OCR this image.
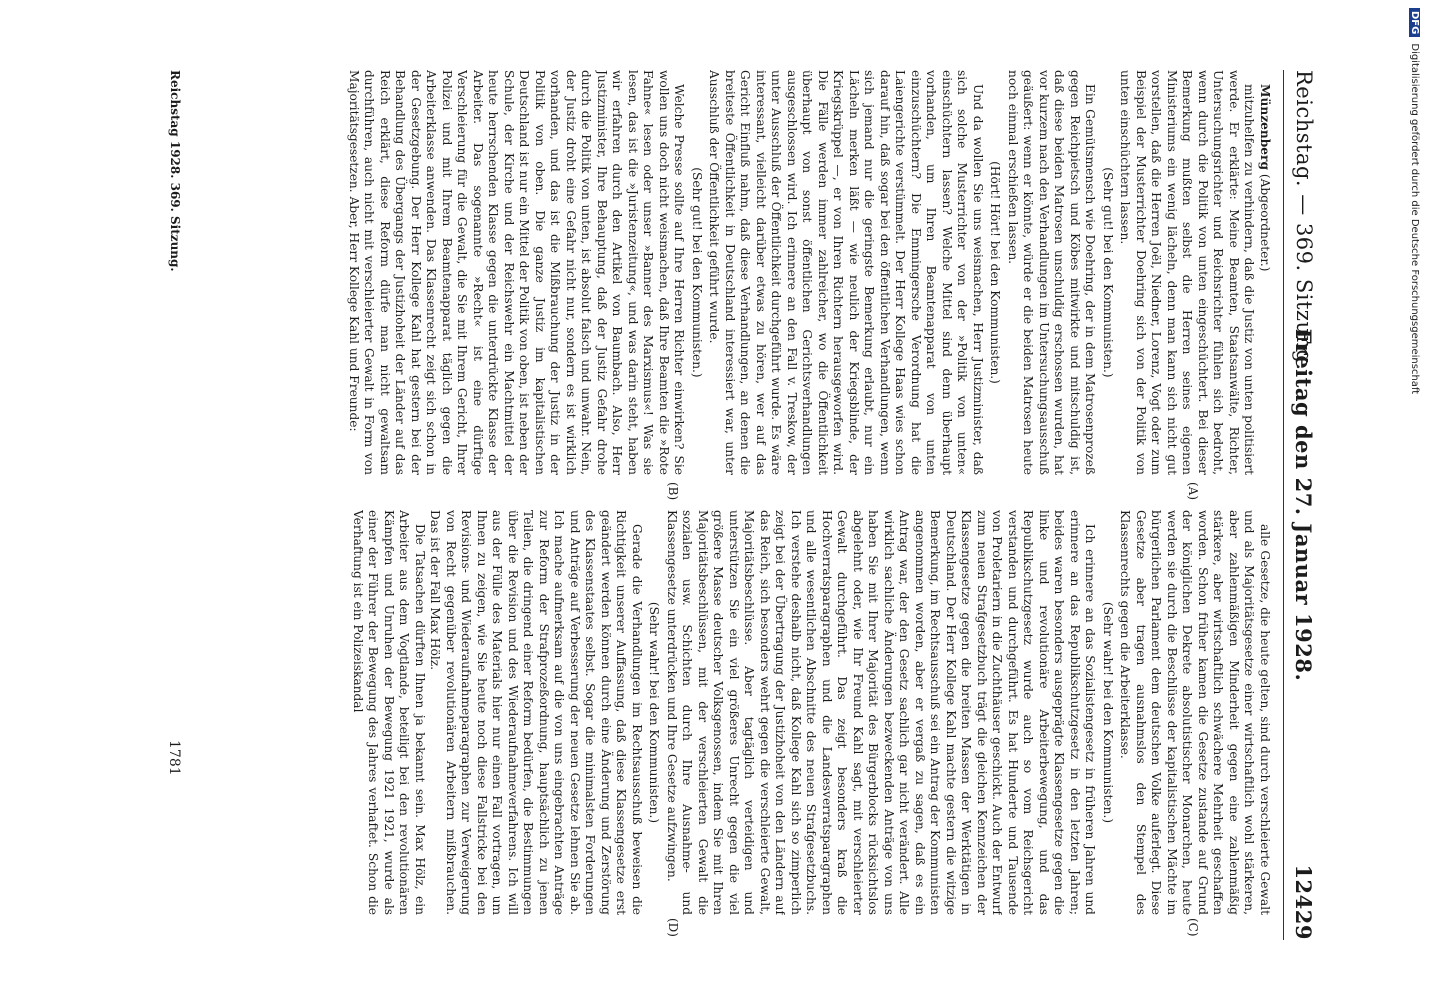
Reichstag. — 369. Sitzung.
Freitag den 27. Januar 1928.
12429

Münzenberg (Abgeordneter.)

mitzuhelfen zu verhindern, daß die Justiz von unten politisiert werde. Er erklärte: Meine Beamten, Staatsanwälte, Richter, Untersuchungsrichter und Reichsrichter fühlen sich bedroht, wenn durch die Politik von unten eingeschüchtert. Bei dieser Bemerkung mußten selbst die Herren seines eigenen Ministeriums ein wenig lächeln, denn man kann sich nicht gut vorstellen, daß die Herren Joël, Niedner, Lorenz, Vogt oder zum Beispiel der Musterrichter Doehring sich von der Politik von unten einschüchtern lassen.

(Sehr gut! bei den Kommunisten.)

Ein Gemütsmensch wie Doehring, der in dem Matrosenprozeß gegen Reichpietsch und Köbes mitwirkte und mitschuldig ist, daß diese beiden Matrosen unschuldig erschossen wurden, hat vor kurzem nach den Verhandlungen im Untersuchungsausschuß geäußert: wenn er könnte, würde er die beiden Matrosen heute noch einmal erschießen lassen.

(Hört! Hört! bei den Kommunisten.)

Und da wollen Sie uns weismachen, Herr Justizminister, daß sich solche Musterrichter von der »Politik von unten« einschüchtern lassen? Welche Mittel sind denn überhaupt vorhanden, um Ihren Beamtenapparat von unten einzuschüchtern? Die Emmingersche Verordnung hat die Laiengerichte verstümmelt. Der Herr Kollege Haas wies schon darauf hin, daß sogar bei den öffentlichen Verhandlungen, wenn sich jemand nur die geringste Bemerkung erlaubt, nur ein Lächeln merken läßt — wie neulich der Kriegsblinde, der Kriegskrüppel —, er von Ihren Richtern herausgeworfen wird. Die Fälle werden immer zahlreicher, wo die Öffentlichkeit überhaupt von sonst öffentlichen Gerichtsverhandlungen ausgeschlossen wird. Ich erinnere an den Fall v. Treskow, der unter Ausschluß der Öffentlichkeit durchgeführt wurde. Es wäre interessant, vielleicht darüber etwas zu hören, wer auf das Gericht Einfluß nahm, daß diese Verhandlungen, an denen die breiteste Öffentlichkeit in Deutschland interessiert war, unter Ausschluß der Öffentlichkeit geführt wurde.

(Sehr gut! bei den Kommunisten.)

Welche Presse sollte auf Ihre Herren Richter einwirken? Sie wollen uns doch nicht weismachen, daß Ihre Beamten die »Rote Fahne« lesen oder unser »Banner des Marxismus«! Was sie lesen, das ist die »Juristenzeitung«, und was darin steht, haben wir erfahren durch den Artikel von Baumbach. Also, Herr Justizminister, Ihre Behauptung, daß der Justiz Gefahr drohe durch die Politik von unten, ist absolut falsch und unwahr. Nein, der Justiz droht eine Gefahr nicht nur, sondern es ist wirklich vorhanden, und das ist die Mißbrauchung der Justiz in der Politik von oben. Die ganze Justiz im kapitalistischen Deutschland ist nur ein Mittel der Politik von oben, ist neben der Schule, der Kirche und der Reichswehr ein Machtmittel der heute herrschenden Klasse gegen die unterdrückte Klasse der Arbeiter. Das sogenannte »Recht« ist eine dürftige Verschleierung für die Gewalt, die Sie mit Ihrem Gericht, Ihrer Polizei und mit Ihrem Beamtenapparat täglich gegen die Arbeiterklasse anwenden. Das Klassenrecht zeigt sich schon in der Gesetzgebung. Der Herr Kollege Kahl hat gestern bei der Behandlung des Übergangs der Justizhoheit der Länder auf das Reich erklärt, diese Reform dürfe man nicht gewaltsam durchführen, auch nicht mit verschleierter Gewalt in Form von Majoritätsgesetzen. Aber, Herr Kollege Kahl und Freunde:

alle Gesetze, die heute gelten, sind durch verschleierte Gewalt und als Majoritätsgesetze einer wirtschaftlich wohl stärkeren, aber zahlenmäßigen Minderheit gegen eine zahlenmäßig stärkere, aber wirtschaftlich schwächere Mehrheit geschaffen worden. Schon früher kamen die Gesetze zustande auf Grund der königlichen Dekrete absolutistischer Monarchen, heute werden sie durch die Beschlüsse der kapitalistischen Mächte im bürgerlichen Parlament dem deutschen Volke auferlegt. Diese Gesetze aber tragen ausnahmslos den Stempel des Klassenrechts gegen die Arbeiterklasse.

(Sehr wahr! bei den Kommunisten.)

Ich erinnere an das Sozialistengesetz in früheren Jahren und erinnere an das Republikschutzgesetz in den letzten Jahren; beides waren besonders ausgeprägte Klassengesetze gegen die linke und revolutionäre Arbeiterbewegung, und das Republikschutzgesetz wurde auch so vom Reichsgericht verstanden und durchgeführt. Es hat Hunderte und Tausende von Proletariern in die Zuchthäuser geschickt. Auch der Entwurf zum neuen Strafgesetzbuch trägt die gleichen Kennzeichen der Klassengesetze gegen die breiten Massen der Werktätigen in Deutschland. Der Herr Kollege Kahl machte gestern die witzige Bemerkung, im Rechtsausschuß sei ein Antrag der Kommunisten angenommen worden, aber er vergaß zu sagen, daß es ein Antrag war, der den Gesetz sachlich gar nicht verändert. Alle wirklich sachliche Änderungen bezweckenden Anträge von uns haben Sie mit Ihrer Majorität des Bürgerblocks rücksichtslos abgelehnt oder, wie Ihr Freund Kahl sagt, mit verschleierter Gewalt durchgeführt. Das zeigt besonders kraß die Hochverratsparagraphen und die Landesverratsparagraphen und alle wesentlichen Abschnitte des neuen Strafgesetzbuchs. Ich verstehe deshalb nicht, daß Kollege Kahl sich so zimperlich zeigt bei der Übertragung der Justizhoheit von den Ländern auf das Reich, sich besonders wehrt gegen die verschleierte Gewalt, Majoritätsbeschlüsse. Aber tagtäglich verteidigen und unterstützen Sie ein viel größeres Unrecht gegen die viel größere Masse deutscher Volksgenossen, indem Sie mit Ihren Majoritätsbeschlüssen, mit der verschleierten Gewalt die sozialen usw. Schichten durch Ihre Ausnahme- und Klassengesetze unterdrücken und Ihre Gesetze aufzwingen.

(Sehr wahr! bei den Kommunisten.)

Gerade die Verhandlungen im Rechtsausschuß beweisen die Richtigkeit unserer Auffassung, daß diese Klassengesetze erst geändert werden können durch eine Änderung und Zerstörung des Klassenstaates selbst. Sogar die minimalsten Forderungen und Anträge auf Verbesserung der neuen Gesetze lehnen Sie ab. Ich mache aufmerksam auf die von uns eingebrachten Anträge zur Reform der Strafprozeßordnung, hauptsächlich zu jenen Teilen, die dringend einer Reform bedürfen, die Bestimmungen über die Revision und des Wiederaufnahmeverfahrens. Ich will aus der Fülle des Materials hier nur einen Fall vortragen, um Ihnen zu zeigen, wie Sie heute noch diese Fallstricke bei den Revisions- und Wiederaufnahmeparagraphen zur Verweigerung von Recht gegenüber revolutionären Arbeitern mißbrauchen. Das ist der Fall Max Hölz.

Die Tatsachen dürften Ihnen ja bekannt sein. Max Hölz, ein Arbeiter aus dem Vogtlande, beteiligt bei den revolutionären Kämpfen und Unruhen der Bewegung 1921 1921, wurde als einer der Führer der Bewegung des Jahres verhaftet. Schon die Verhaftung ist ein Polizeiskandal

(A)
(B)
(C)
(D)
Reichstag 1928. 369. Sitzung.
1781
DFGDigitalisierung gefördert durch die Deutsche Forschungsgemeinschaft
